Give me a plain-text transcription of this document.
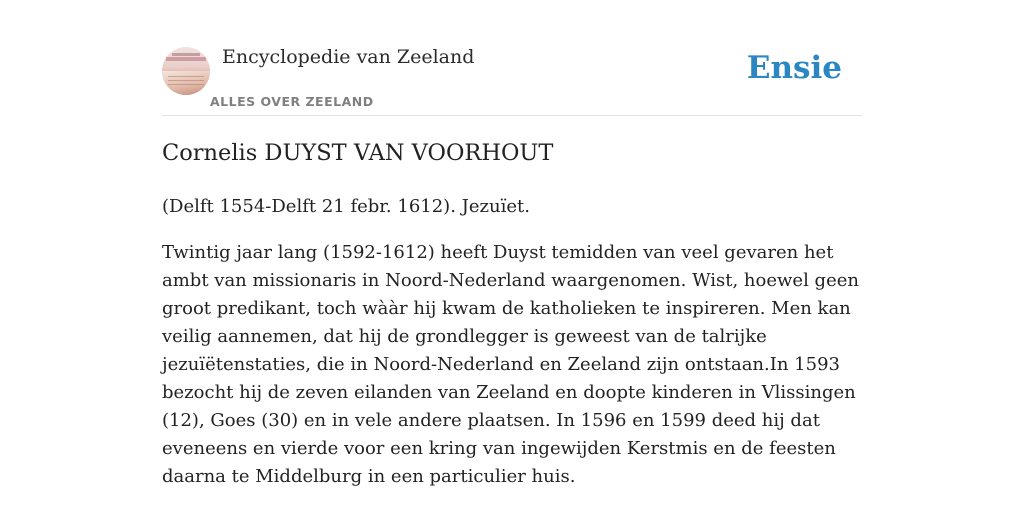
Encyclopedie van Zeeland
ALLES OVER ZEELAND
Ensie
Cornelis DUYST VAN VOORHOUT

(Delft 1554-Delft 21 febr. 1612). Jezuïet.

Twintig jaar lang (1592-1612) heeft Duyst temidden van veel gevaren het ambt van missionaris in Noord-Nederland waargenomen. Wist, hoewel geen groot predikant, toch wààr hij kwam de katholieken te inspireren. Men kan veilig aannemen, dat hij de grondlegger is geweest van de talrijke jezuïëtenstaties, die in Noord-Nederland en Zeeland zijn ontstaan.In 1593 bezocht hij de zeven eilanden van Zeeland en doopte kinderen in Vlissingen (12), Goes (30) en in vele andere plaatsen. In 1596 en 1599 deed hij dat eveneens en vierde voor een kring van ingewijden Kerstmis en de feesten daarna te Middelburg in een particulier huis.
